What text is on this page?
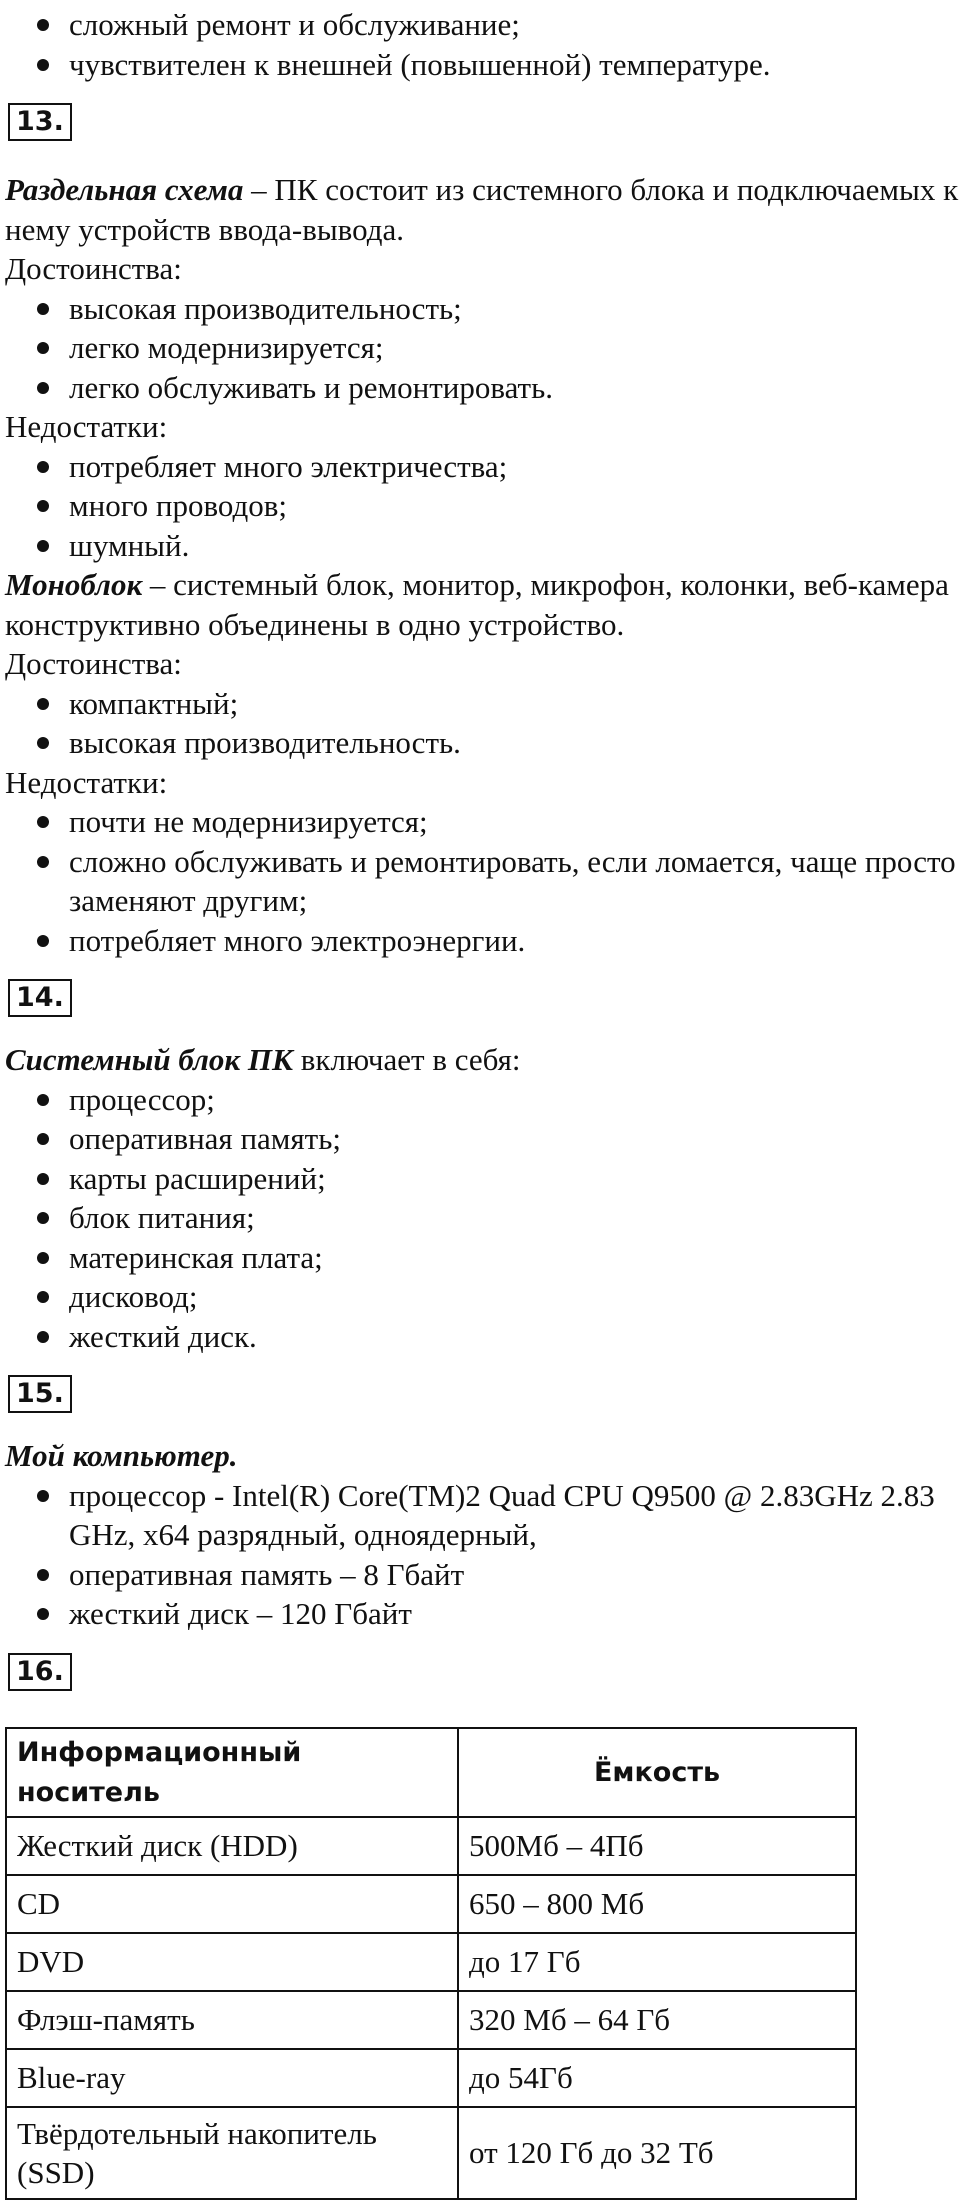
сложный ремонт и обслуживание;
чувствителен к внешней (повышенной) температуре.
13.

Раздельная схема – ПК состоит из системного блока и подключаемых к нему устройств ввода-вывода.

Достоинства:

высокая производительность;
легко модернизируется;
легко обслуживать и ремонтировать.

Недостатки:

потребляет много электричества;
много проводов;
шумный.

Моноблок – системный блок, монитор, микрофон, колонки, веб-камера конструктивно объединены в одно устройство.

Достоинства:

компактный;
высокая производительность.

Недостатки:

почти не модернизируется;
сложно обслуживать и ремонтировать, если ломается, чаще просто заменяют другим;
потребляет много электроэнергии.
14.

Системный блок ПК включает в себя:

процессор;
оперативная память;
карты расширений;
блок питания;
материнская плата;
дисковод;
жесткий диск.
15.

Мой компьютер.

процессор - Intel(R) Core(TM)2 Quad CPU Q9500 @ 2.83GHz 2.83 GHz, x64 разрядный, одноядерный,
оперативная память – 8 Гбайт
жесткий диск – 120 Гбайт
16.
Информационный носитель	Ёмкость
Жесткий диск (HDD)	500Мб – 4Пб
CD	650 – 800 Мб
DVD	до 17 Гб
Флэш-память	320 Мб – 64 Гб
Blue-ray	до 54Гб
Твёрдотельный накопитель (SSD)	от 120 Гб до 32 Тб
